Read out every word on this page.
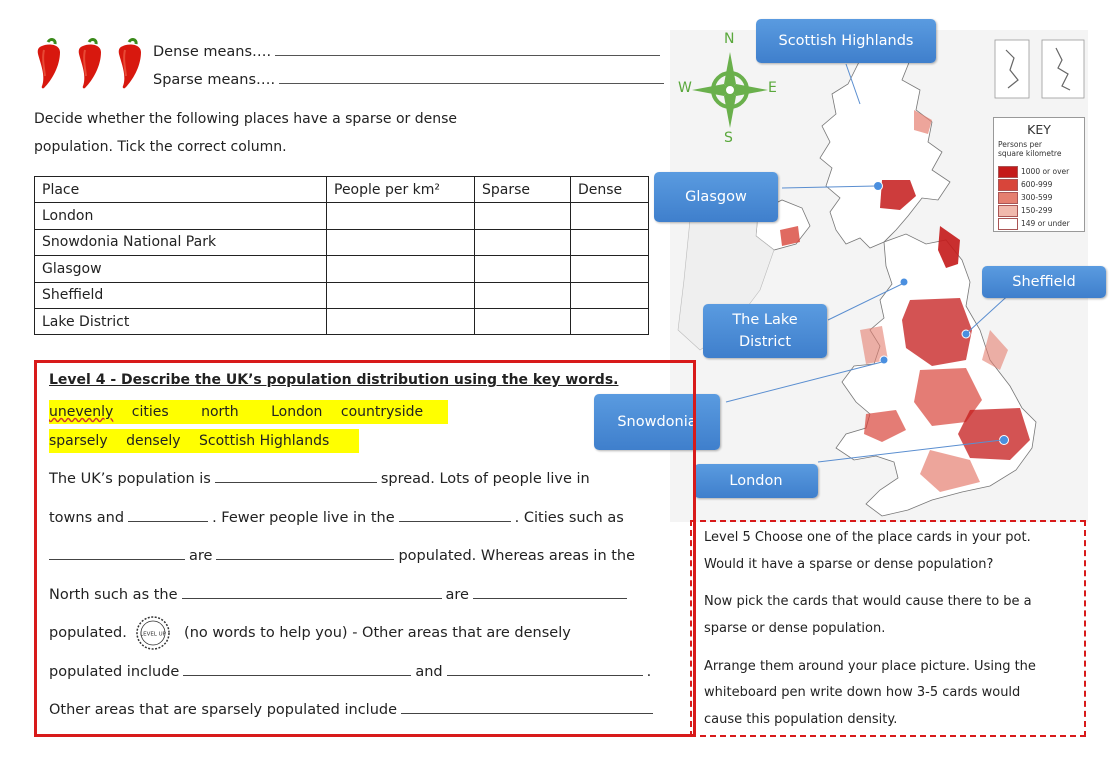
Dense means….
Sparse means….
Decide whether the following places have a sparse or dense
population. Tick the correct column.
Place	People per km²	Sparse	Dense
London			
Snowdonia National Park			
Glasgow			
Sheffield			
Lake District			
N
S
E
W
KEY
Persons per
square kilometre
1000 or over
600-999
300-599
150-299
149 or under
Scottish Highlands
Glasgow
Sheffield
The Lake
District
Snowdonia
London
Level 4 - Describe the UK’s population distribution using the key words.
unevenly cities north London countryside
sparsely densely Scottish Highlands
The UK’s population is	spread. Lots of people live in
towns and	. Fewer people live in the	. Cities such as
are	populated. Whereas areas in the
North such as the	are
populated. LEVEL UP (no words to help you) - Other areas that are densely
populated include	and	.
Other areas that are sparsely populated include

Level 5 Choose one of the place cards in your pot.

Would it have a sparse or dense population?

Now pick the cards that would cause there to be a

sparse or dense population.

Arrange them around your place picture. Using the

whiteboard pen write down how 3-5 cards would

cause this population density.
